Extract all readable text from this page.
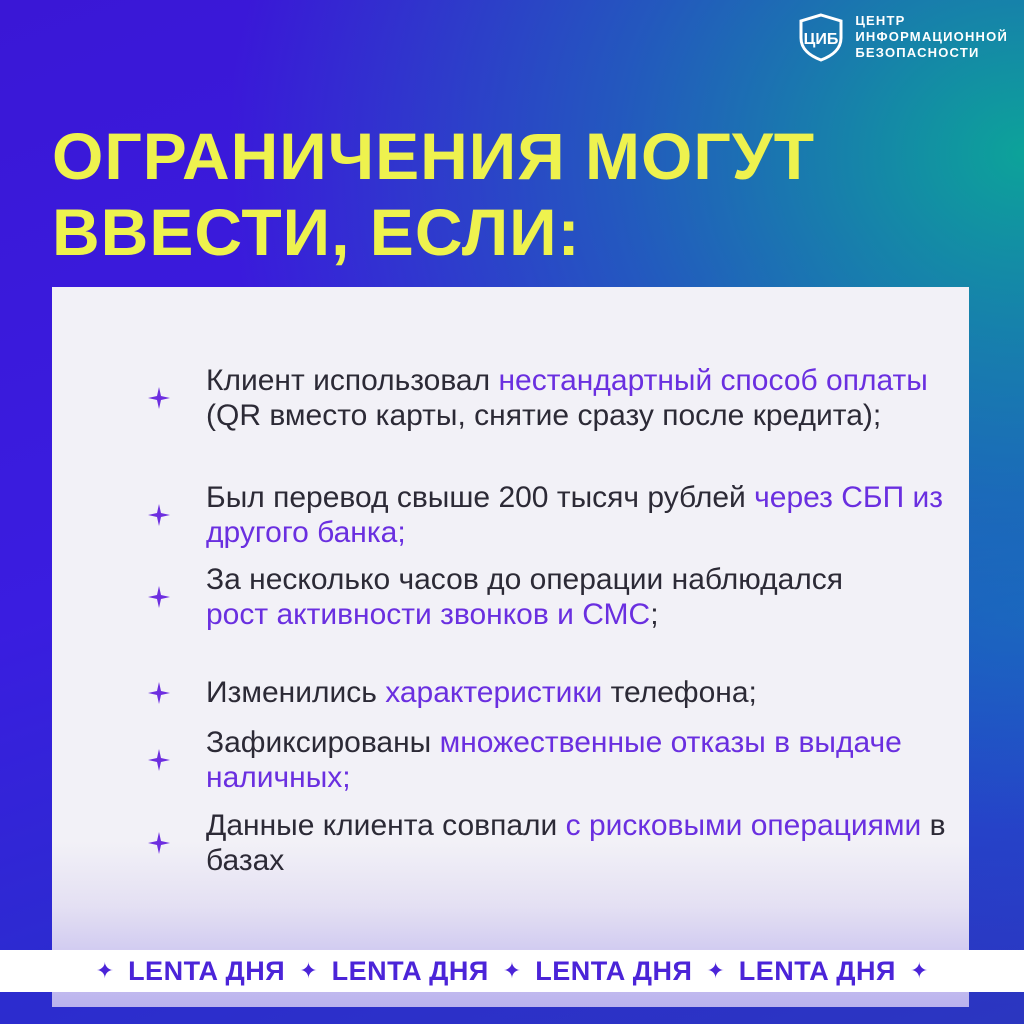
ЦИБ
ЦЕНТР
ИНФОРМАЦИОННОЙ
БЕЗОПАСНОСТИ
ОГРАНИЧЕНИЯ МОГУТ
ВВЕСТИ, ЕСЛИ:
Клиент использовал нестандартный способ оплаты (QR вместо карты, снятие сразу после кредита);
Был перевод свыше 200 тысяч рублей через СБП из другого банка;
За несколько часов до операции наблюдался рост активности звонков и СМС;
Изменились характеристики телефона;
Зафиксированы множественные отказы в выдаче наличных;
Данные клиента совпали с рисковыми операциями в базах
✦ LENTA ДНЯ ✦ LENTA ДНЯ ✦ LENTA ДНЯ ✦ LENTA ДНЯ ✦
